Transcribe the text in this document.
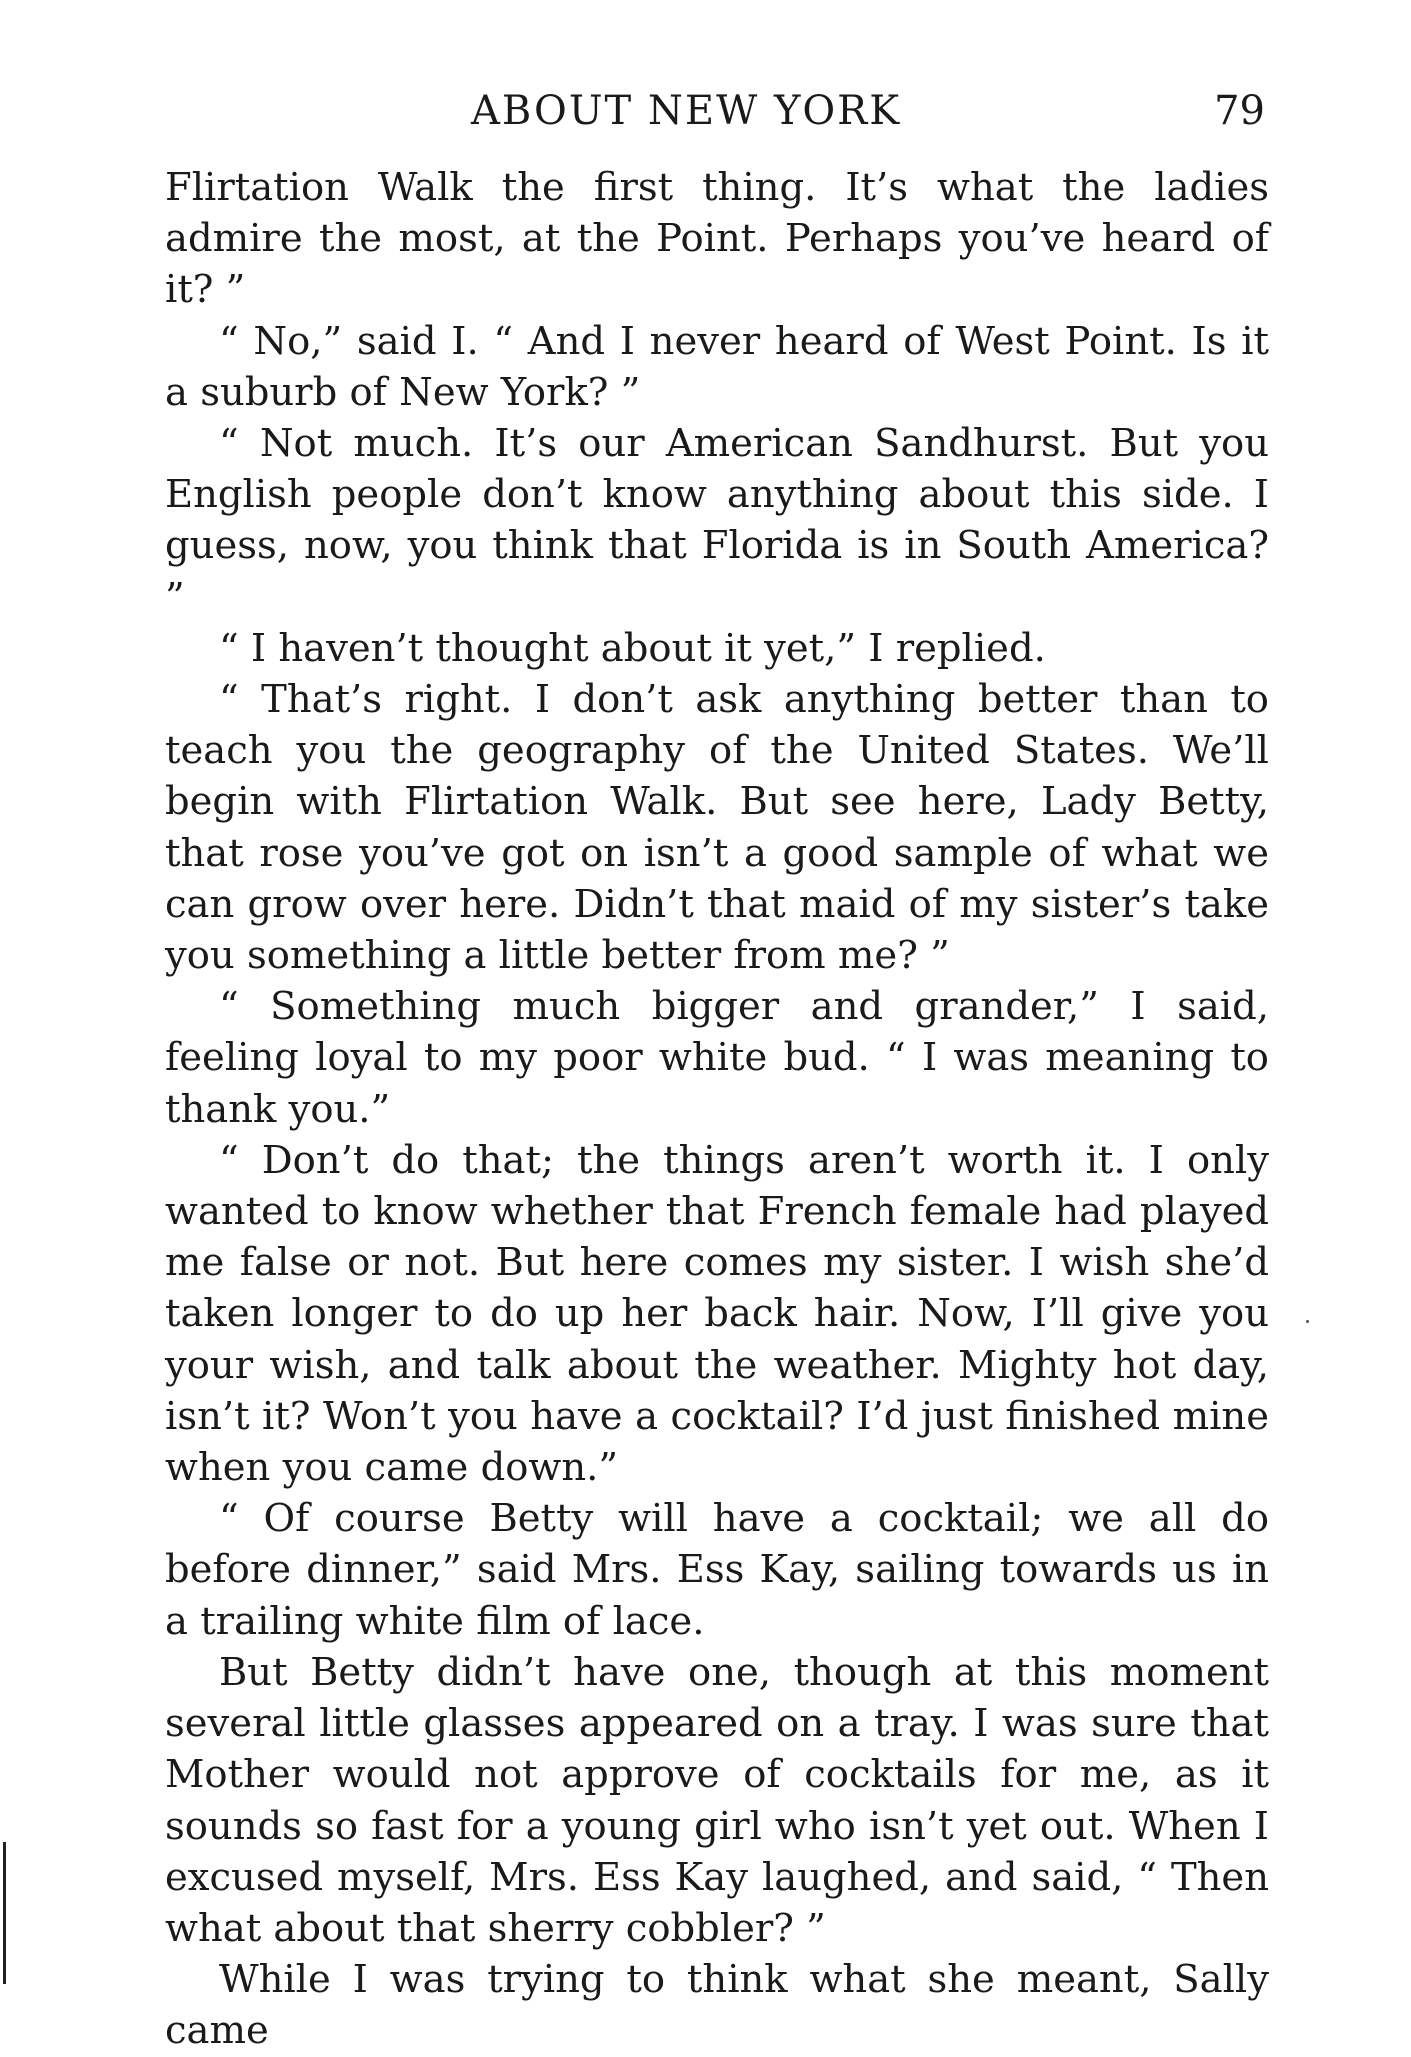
ABOUT NEW YORK	79

Flirtation Walk the first thing. It’s what the ladies admire the most, at the Point. Perhaps you’ve heard of it? ”

“ No,” said I. “ And I never heard of West Point. Is it a suburb of New York? ”

“ Not much. It’s our American Sandhurst. But you English people don’t know anything about this side. I guess, now, you think that Florida is in South America? ”

“ I haven’t thought about it yet,” I replied.

“ That’s right. I don’t ask anything better than to teach you the geography of the United States. We’ll begin with Flirtation Walk. But see here, Lady Betty, that rose you’ve got on isn’t a good sample of what we can grow over here. Didn’t that maid of my sister’s take you something a little better from me? ”

“ Something much bigger and grander,” I said, feeling loyal to my poor white bud. “ I was meaning to thank you.”

“ Don’t do that; the things aren’t worth it. I only wanted to know whether that French female had played me false or not. But here comes my sister. I wish she’d taken longer to do up her back hair. Now, I’ll give you your wish, and talk about the weather. Mighty hot day, isn’t it? Won’t you have a cocktail? I’d just finished mine when you came down.”

“ Of course Betty will have a cocktail; we all do before dinner,” said Mrs. Ess Kay, sailing towards us in a trailing white film of lace.

But Betty didn’t have one, though at this moment several little glasses appeared on a tray. I was sure that Mother would not approve of cocktails for me, as it sounds so fast for a young girl who isn’t yet out. When I excused myself, Mrs. Ess Kay laughed, and said, “ Then what about that sherry cobbler? ”

While I was trying to think what she meant, Sally came
